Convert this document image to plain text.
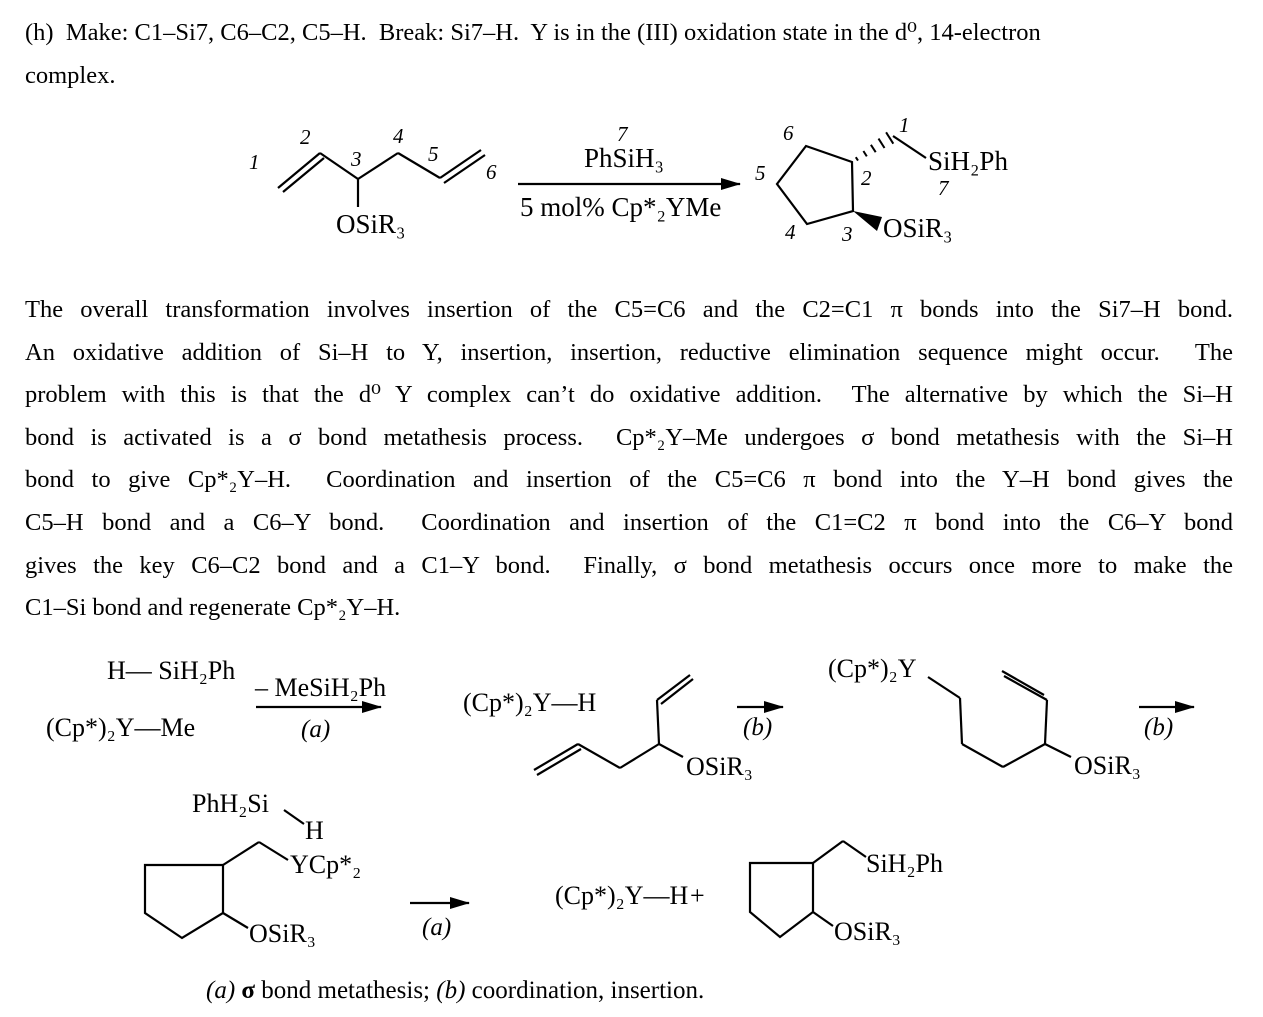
(h)  Make: C1–Si7, C6–C2, C5–H.  Break: Si7–H.  Y is in the (III) oxidation state in the d⁰, 14-electron
complex.
1
2
3
4
5
6
OSiR₃
7
PhSiH₃
5 mol% Cp*₂YMe
1
2
3
4
5
6
SiH₂Ph
7
OSiR₃
The overall transformation involves insertion of the C5=C6 and the C2=C1 π bonds into the Si7–H bond.
An oxidative addition of Si–H to Y, insertion, insertion, reductive elimination sequence might occur.  The
problem with this is that the d⁰ Y complex can’t do oxidative addition.  The alternative by which the Si–H
bond is activated is a σ bond metathesis process.  Cp*₂Y–Me undergoes σ bond metathesis with the Si–H
bond to give Cp*₂Y–H.  Coordination and insertion of the C5=C6 π bond into the Y–H bond gives the
C5–H bond and a C6–Y bond.  Coordination and insertion of the C1=C2 π bond into the C6–Y bond
gives the key C6–C2 bond and a C1–Y bond.  Finally, σ bond metathesis occurs once more to make the
C1–Si bond and regenerate Cp*₂Y–H.
H— SiH₂Ph
(Cp*)₂Y—Me
– MeSiH₂Ph
(a)
(Cp*)₂Y—H
OSiR₃
(b)
(Cp*)₂Y
OSiR₃
(b)
PhH₂Si
H
YCp*₂
OSiR₃	(a)
(Cp*)₂Y—H +
SiH₂Ph
OSiR₃
(a) σ bond metathesis; (b) coordination, insertion.
